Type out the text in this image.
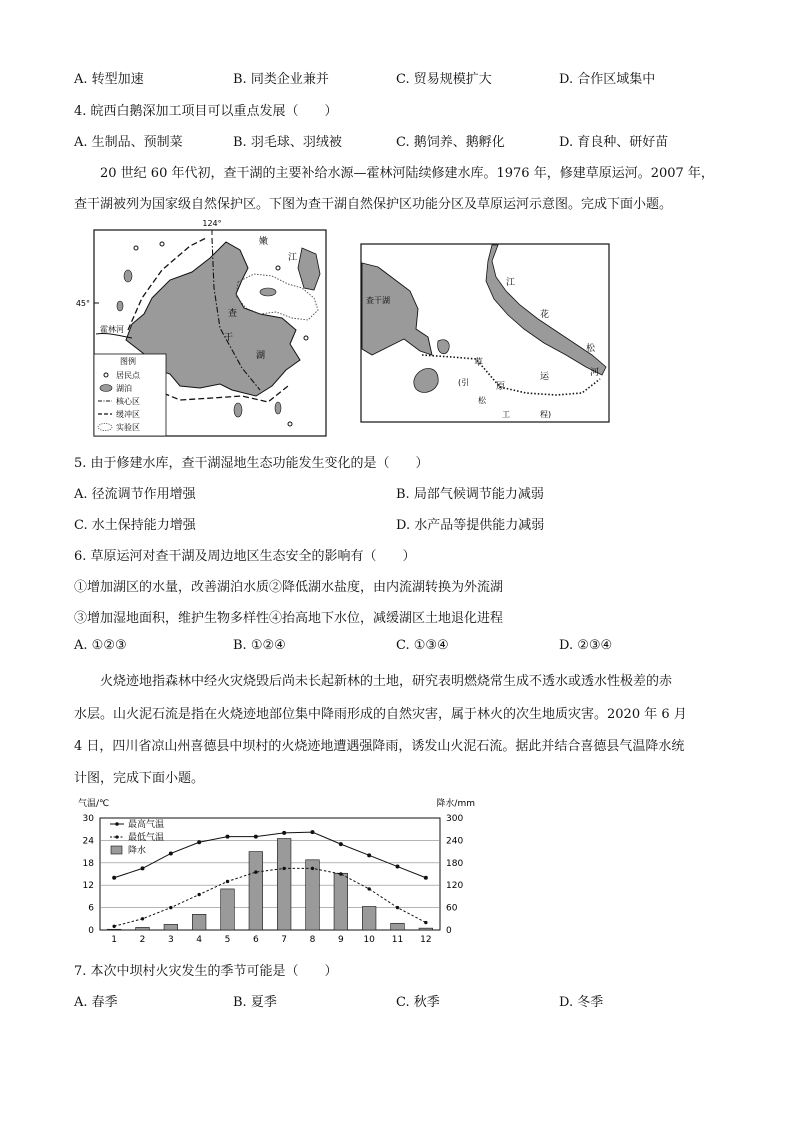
A. 转型加速	B. 同类企业兼并	C. 贸易规模扩大	D. 合作区域集中
4. 皖西白鹅深加工项目可以重点发展（　　）
A. 生制品、预制菜	B. 羽毛球、羽绒被	C. 鹅饲养、鹅孵化	D. 育良种、研好苗
20 世纪 60 年代初，查干湖的主要补给水源—霍林河陆续修建水库。1976 年，修建草原运河。2007 年，
查干湖被列为国家级自然保护区。下图为查干湖自然保护区功能分区及草原运河示意图。完成下面小题。
124°
45°
霍林河
查
干
湖
嫩
江
图例
居民点
湖泊
核心区
缓冲区
实验区
查干湖
江
花
松
草
原
运	河
(引
松
工	程)
5. 由于修建水库，查干湖湿地生态功能发生变化的是（　　）
A. 径流调节作用增强	B. 局部气候调节能力减弱
C. 水土保持能力增强	D. 水产品等提供能力减弱
6. 草原运河对查干湖及周边地区生态安全的影响有（　　）
①增加湖区的水量，改善湖泊水质②降低湖水盐度，由内流湖转换为外流湖
③增加湿地面积，维护生物多样性④抬高地下水位，减缓湖区土地退化进程
A. ①②③	B. ①②④	C. ①③④	D. ②③④
火烧迹地指森林中经火灾烧毁后尚未长起新林的土地，研究表明燃烧常生成不透水或透水性极差的赤
水层。山火泥石流是指在火烧迹地部位集中降雨形成的自然灾害，属于林火的次生地质灾害。2020 年 6 月
4 日，四川省凉山州喜德县中坝村的火烧迹地遭遇强降雨，诱发山火泥石流。据此并结合喜德县气温降水统
计图，完成下面小题。
气温/℃	降水/mm
0	0
6	60
12	120
18	180
24	240
30	300
1	2	3	4	5	6	7	8	9 10 11 12
最高气温
最低气温
降水
7. 本次中坝村火灾发生的季节可能是（　　）
A. 春季	B. 夏季	C. 秋季	D. 冬季
